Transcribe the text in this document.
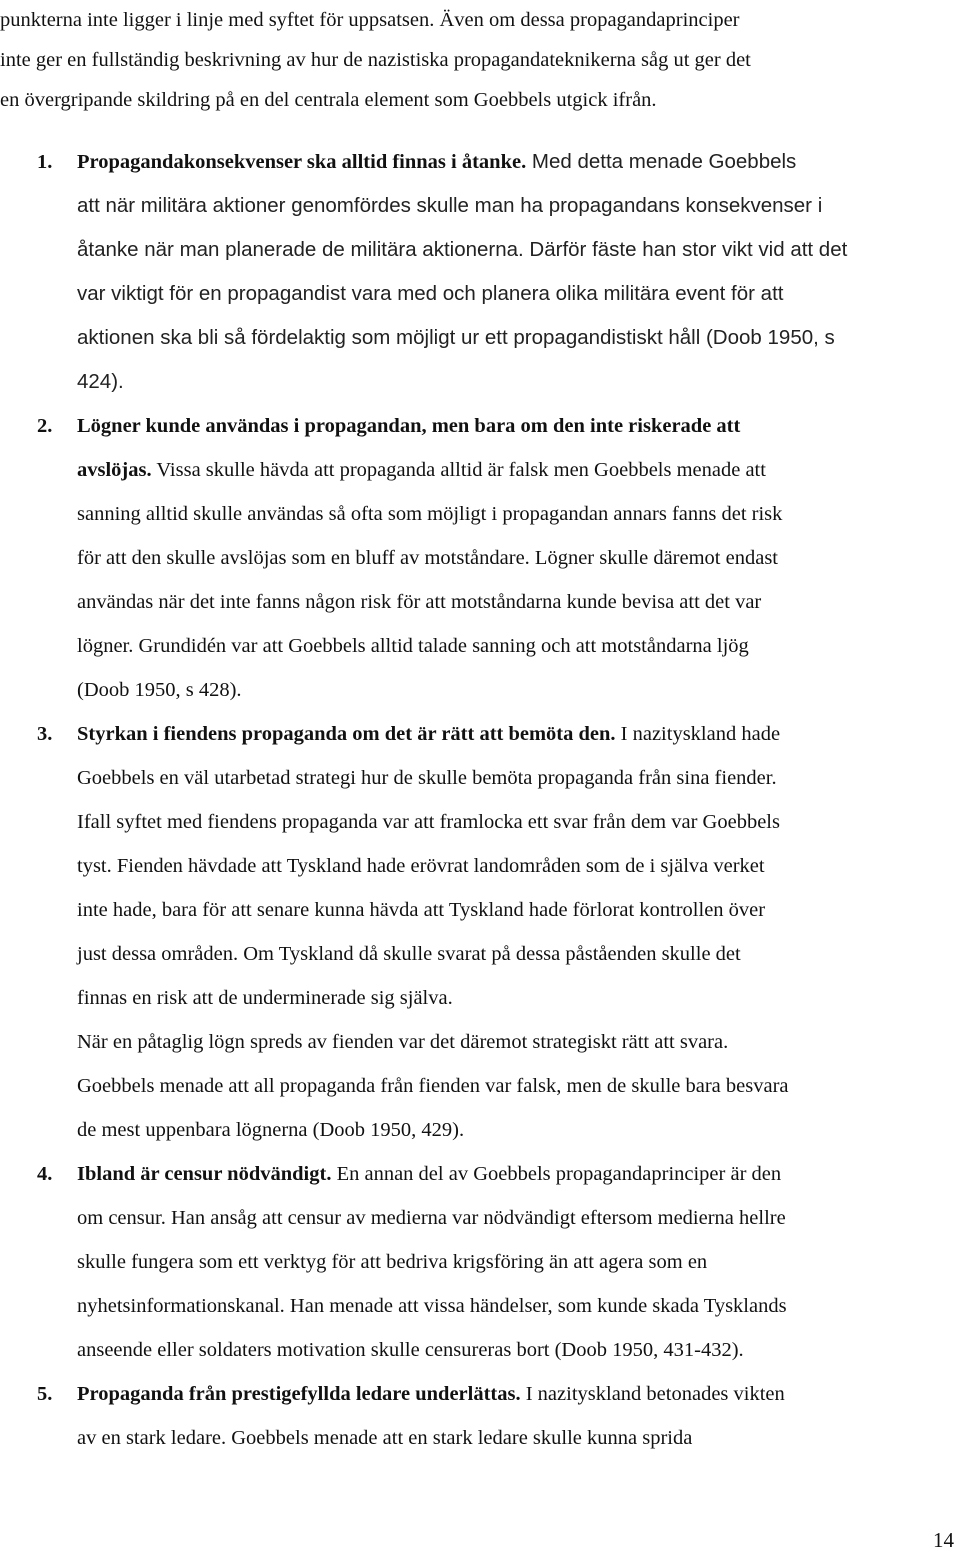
punkterna inte ligger i linje med syftet för uppsatsen. Även om dessa propagandaprinciper
inte ger en fullständig beskrivning av hur de nazistiska propagandateknikerna såg ut ger det
en övergripande skildring på en del centrala element som Goebbels utgick ifrån.
1. Propagandakonsekvenser ska alltid finnas i åtanke. Med detta menade Goebbels
att när militära aktioner genomfördes skulle man ha propagandans konsekvenser i
åtanke när man planerade de militära aktionerna. Därför fäste han stor vikt vid att det
var viktigt för en propagandist vara med och planera olika militära event för att
aktionen ska bli så fördelaktig som möjligt ur ett propagandistiskt håll (Doob 1950, s
424).
2. Lögner kunde användas i propagandan, men bara om den inte riskerade att
avslöjas. Vissa skulle hävda att propaganda alltid är falsk men Goebbels menade att
sanning alltid skulle användas så ofta som möjligt i propagandan annars fanns det risk
för att den skulle avslöjas som en bluff av motståndare. Lögner skulle däremot endast
användas när det inte fanns någon risk för att motståndarna kunde bevisa att det var
lögner. Grundidén var att Goebbels alltid talade sanning och att motståndarna ljög
(Doob 1950, s 428).
3. Styrkan i fiendens propaganda om det är rätt att bemöta den. I nazityskland hade
Goebbels en väl utarbetad strategi hur de skulle bemöta propaganda från sina fiender.
Ifall syftet med fiendens propaganda var att framlocka ett svar från dem var Goebbels
tyst. Fienden hävdade att Tyskland hade erövrat landområden som de i själva verket
inte hade, bara för att senare kunna hävda att Tyskland hade förlorat kontrollen över
just dessa områden. Om Tyskland då skulle svarat på dessa påståenden skulle det
finnas en risk att de underminerade sig själva.
När en påtaglig lögn spreds av fienden var det däremot strategiskt rätt att svara.
Goebbels menade att all propaganda från fienden var falsk, men de skulle bara besvara
de mest uppenbara lögnerna (Doob 1950, 429).
4. Ibland är censur nödvändigt. En annan del av Goebbels propagandaprinciper är den
om censur. Han ansåg att censur av medierna var nödvändigt eftersom medierna hellre
skulle fungera som ett verktyg för att bedriva krigsföring än att agera som en
nyhetsinformationskanal. Han menade att vissa händelser, som kunde skada Tysklands
anseende eller soldaters motivation skulle censureras bort (Doob 1950, 431-432).
5. Propaganda från prestigefyllda ledare underlättas. I nazityskland betonades vikten
av en stark ledare. Goebbels menade att en stark ledare skulle kunna sprida
14
